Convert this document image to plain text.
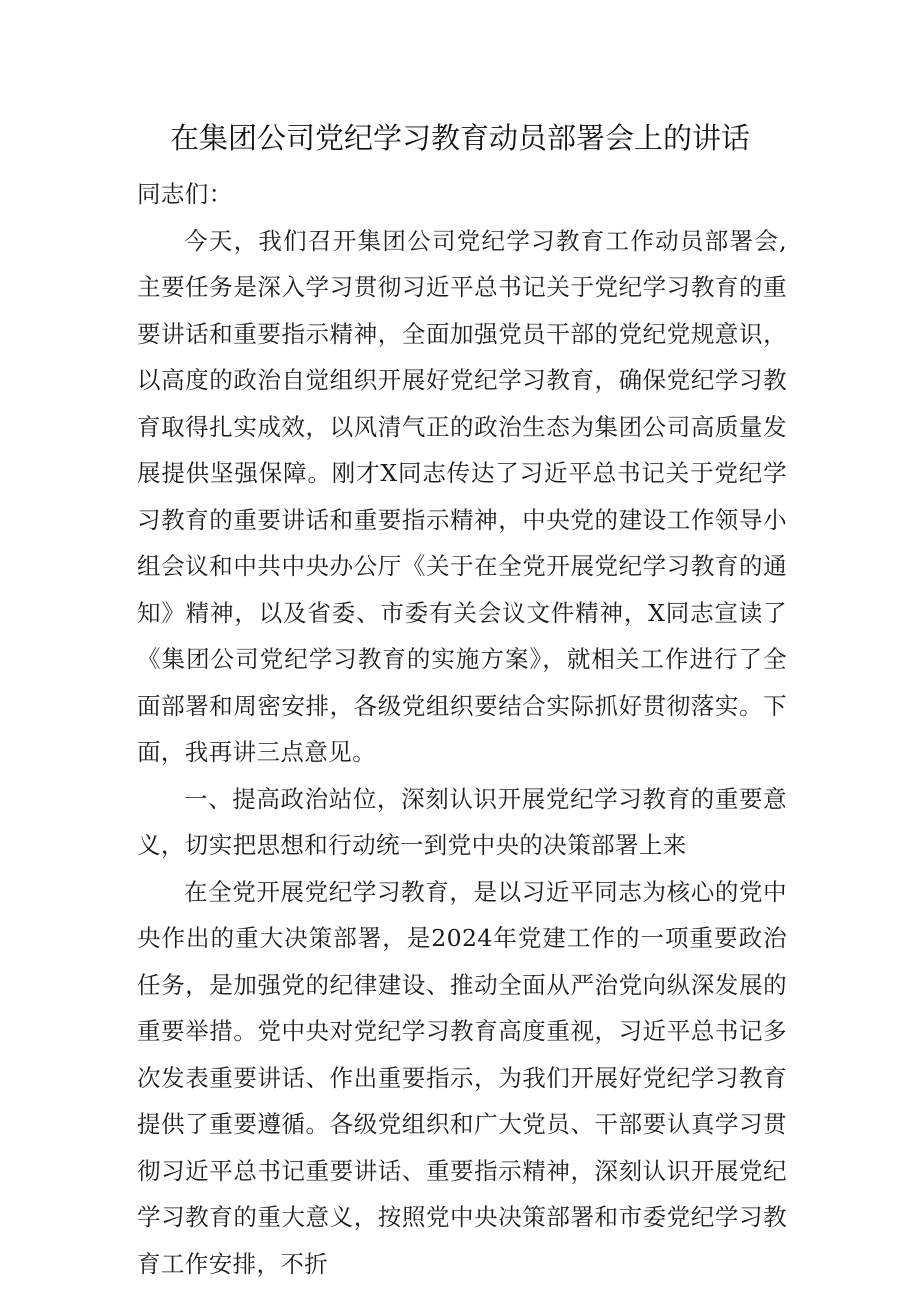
在集团公司党纪学习教育动员部署会上的讲话

同志们：

今天，我们召开集团公司党纪学习教育工作动员部署会,主要任务是深入学习贯彻习近平总书记关于党纪学习教育的重要讲话和重要指示精神，全面加强党员干部的党纪党规意识，以高度的政治自觉组织开展好党纪学习教育，确保党纪学习教育取得扎实成效，以风清气正的政治生态为集团公司高质量发展提供坚强保障。刚才X同志传达了习近平总书记关于党纪学习教育的重要讲话和重要指示精神，中央党的建设工作领导小组会议和中共中央办公厅《关于在全党开展党纪学习教育的通知》精神，以及省委、市委有关会议文件精神，X同志宣读了《集团公司党纪学习教育的实施方案》，就相关工作进行了全面部署和周密安排，各级党组织要结合实际抓好贯彻落实。下面，我再讲三点意见。

一、提高政治站位，深刻认识开展党纪学习教育的重要意义，切实把思想和行动统一到党中央的决策部署上来

在全党开展党纪学习教育，是以习近平同志为核心的党中央作出的重大决策部署，是2024年党建工作的一项重要政治任务，是加强党的纪律建设、推动全面从严治党向纵深发展的重要举措。党中央对党纪学习教育高度重视，习近平总书记多次发表重要讲话、作出重要指示，为我们开展好党纪学习教育提供了重要遵循。各级党组织和广大党员、干部要认真学习贯彻习近平总书记重要讲话、重要指示精神，深刻认识开展党纪学习教育的重大意义，按照党中央决策部署和市委党纪学习教育工作安排，不折
